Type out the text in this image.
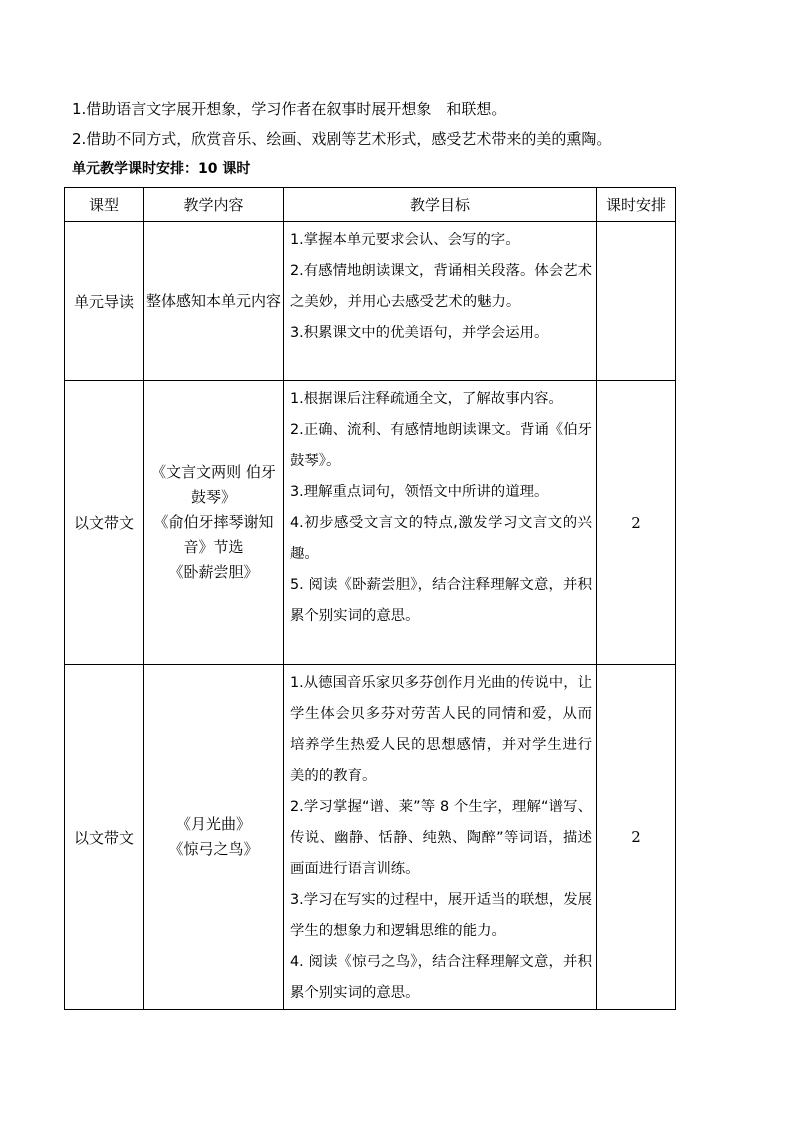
1.借助语言文字展开想象，学习作者在叙事时展开想象　和联想。

2.借助不同方式，欣赏音乐、绘画、戏剧等艺术形式，感受艺术带来的美的熏陶。

单元教学课时安排：10 课时

课型	教学内容	教学目标	课时安排
单元导读	整体感知本单元内容	1.掌握本单元要求会认、会写的字。
2.有感情地朗读课文，背诵相关段落。体会艺术之美妙，并用心去感受艺术的魅力。
3.积累课文中的优美语句，并学会运用。	

以文带文	《文言文两则 伯牙鼓琴》
《俞伯牙摔琴谢知音》节选
《卧薪尝胆》	1.根据课后注释疏通全文，了解故事内容。
2.正确、流利、有感情地朗读课文。背诵《伯牙鼓琴》。
3.理解重点词句，领悟文中所讲的道理。
4.初步感受文言文的特点,激发学习文言文的兴趣。
5. 阅读《卧薪尝胆》，结合注释理解文意，并积累个别实词的意思。	2
以文带文	《月光曲》
《惊弓之鸟》	1.从德国音乐家贝多芬创作月光曲的传说中，让学生体会贝多芬对劳苦人民的同情和爱，从而培养学生热爱人民的思想感情，并对学生进行美的的教育。
2.学习掌握“谱、莱”等 8 个生字，理解“谱写、传说、幽静、恬静、纯熟、陶醉”等词语，描述画面进行语言训练。
3.学习在写实的过程中，展开适当的联想，发展学生的想象力和逻辑思维的能力。
4. 阅读《惊弓之鸟》，结合注释理解文意，并积累个别实词的意思。	2
